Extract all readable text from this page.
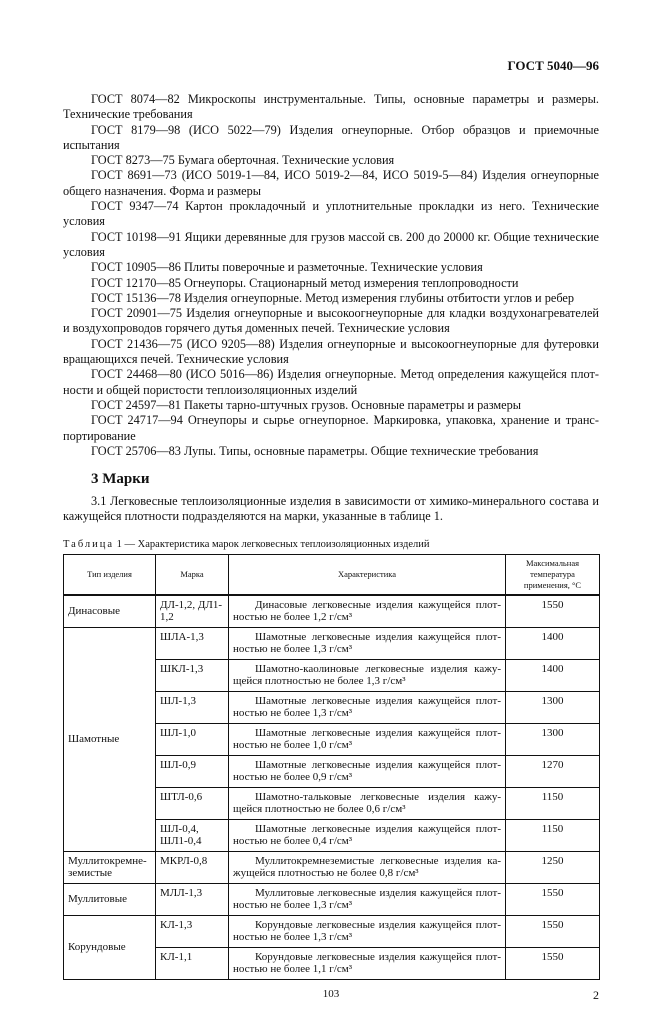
ГОСТ 5040—96

ГОСТ 8074—82 Микроскопы инструментальные. Типы, основные параметры и размеры. Технические требования

ГОСТ 8179—98 (ИСО 5022—79) Изделия огнеупорные. Отбор образцов и приемочные испытания

ГОСТ 8273—75 Бумага оберточная. Технические условия

ГОСТ 8691—73 (ИСО 5019-1—84, ИСО 5019-2—84, ИСО 5019-5—84) Изделия огнеупорные общего назначения. Форма и размеры

ГОСТ 9347—74 Картон прокладочный и уплотнительные прокладки из него. Технические условия

ГОСТ 10198—91 Ящики деревянные для грузов массой св. 200 до 20000 кг. Общие технические условия

ГОСТ 10905—86 Плиты поверочные и разметочные. Технические условия

ГОСТ 12170—85 Огнеупоры. Стационарный метод измерения теплопроводности

ГОСТ 15136—78 Изделия огнеупорные. Метод измерения глубины отбитости углов и ребер

ГОСТ 20901—75 Изделия огнеупорные и высокоогнеупорные для кладки воздухонагревателей и воздухопроводов горячего дутья доменных печей. Технические условия

ГОСТ 21436—75 (ИСО 9205—88) Изделия огнеупорные и высокоогнеупорные для футеровки вращающихся печей. Технические условия

ГОСТ 24468—80 (ИСО 5016—86) Изделия огнеупорные. Метод определения кажущейся плотности и общей пористости теплоизоляционных изделий

ГОСТ 24597—81 Пакеты тарно-штучных грузов. Основные параметры и размеры

ГОСТ 24717—94 Огнеупоры и сырье огнеупорное. Маркировка, упаковка, хранение и транспортирование

ГОСТ 25706—83 Лупы. Типы, основные параметры. Общие технические требования

3 Марки

3.1 Легковесные теплоизоляционные изделия в зависимости от химико-минерального состава и кажущейся плотности подразделяются на марки, указанные в таблице 1.

Таблица 1 — Характеристика марок легковесных теплоизоляционных изделий
Тип изделия	Марка	Характеристика	Максимальная температура применения, °С
Динасовые	ДЛ-1,2, ДЛ1-1,2	Динасовые легковесные изделия кажущейся плотностью не более 1,2 г/см³	1550
Шамотные	ШЛА-1,3	Шамотные легковесные изделия кажущейся плотностью не более 1,3 г/см³	1400
	ШКЛ-1,3	Шамотно-каолиновые легковесные изделия кажущейся плотностью не более 1,3 г/см³	1400
	ШЛ-1,3	Шамотные легковесные изделия кажущейся плотностью не более 1,3 г/см³	1300
	ШЛ-1,0	Шамотные легковесные изделия кажущейся плотностью не более 1,0 г/см³	1300
	ШЛ-0,9	Шамотные легковесные изделия кажущейся плотностью не более 0,9 г/см³	1270
	ШТЛ-0,6	Шамотно-тальковые легковесные изделия кажущейся плотностью не более 0,6 г/см³	1150
	ШЛ-0,4, ШЛ1-0,4	Шамотные легковесные изделия кажущейся плотностью не более 0,4 г/см³	1150
Муллитокремнеземистые	МКРЛ-0,8	Муллитокремнеземистые легковесные изделия кажущейся плотностью не более 0,8 г/см³	1250
Муллитовые	МЛЛ-1,3	Муллитовые легковесные изделия кажущейся плотностью не более 1,3 г/см³	1550
Корундовые	КЛ-1,3	Корундовые легковесные изделия кажущейся плотностью не более 1,3 г/см³	1550
	КЛ-1,1	Корундовые легковесные изделия кажущейся плотностью не более 1,1 г/см³	1550
103	2
